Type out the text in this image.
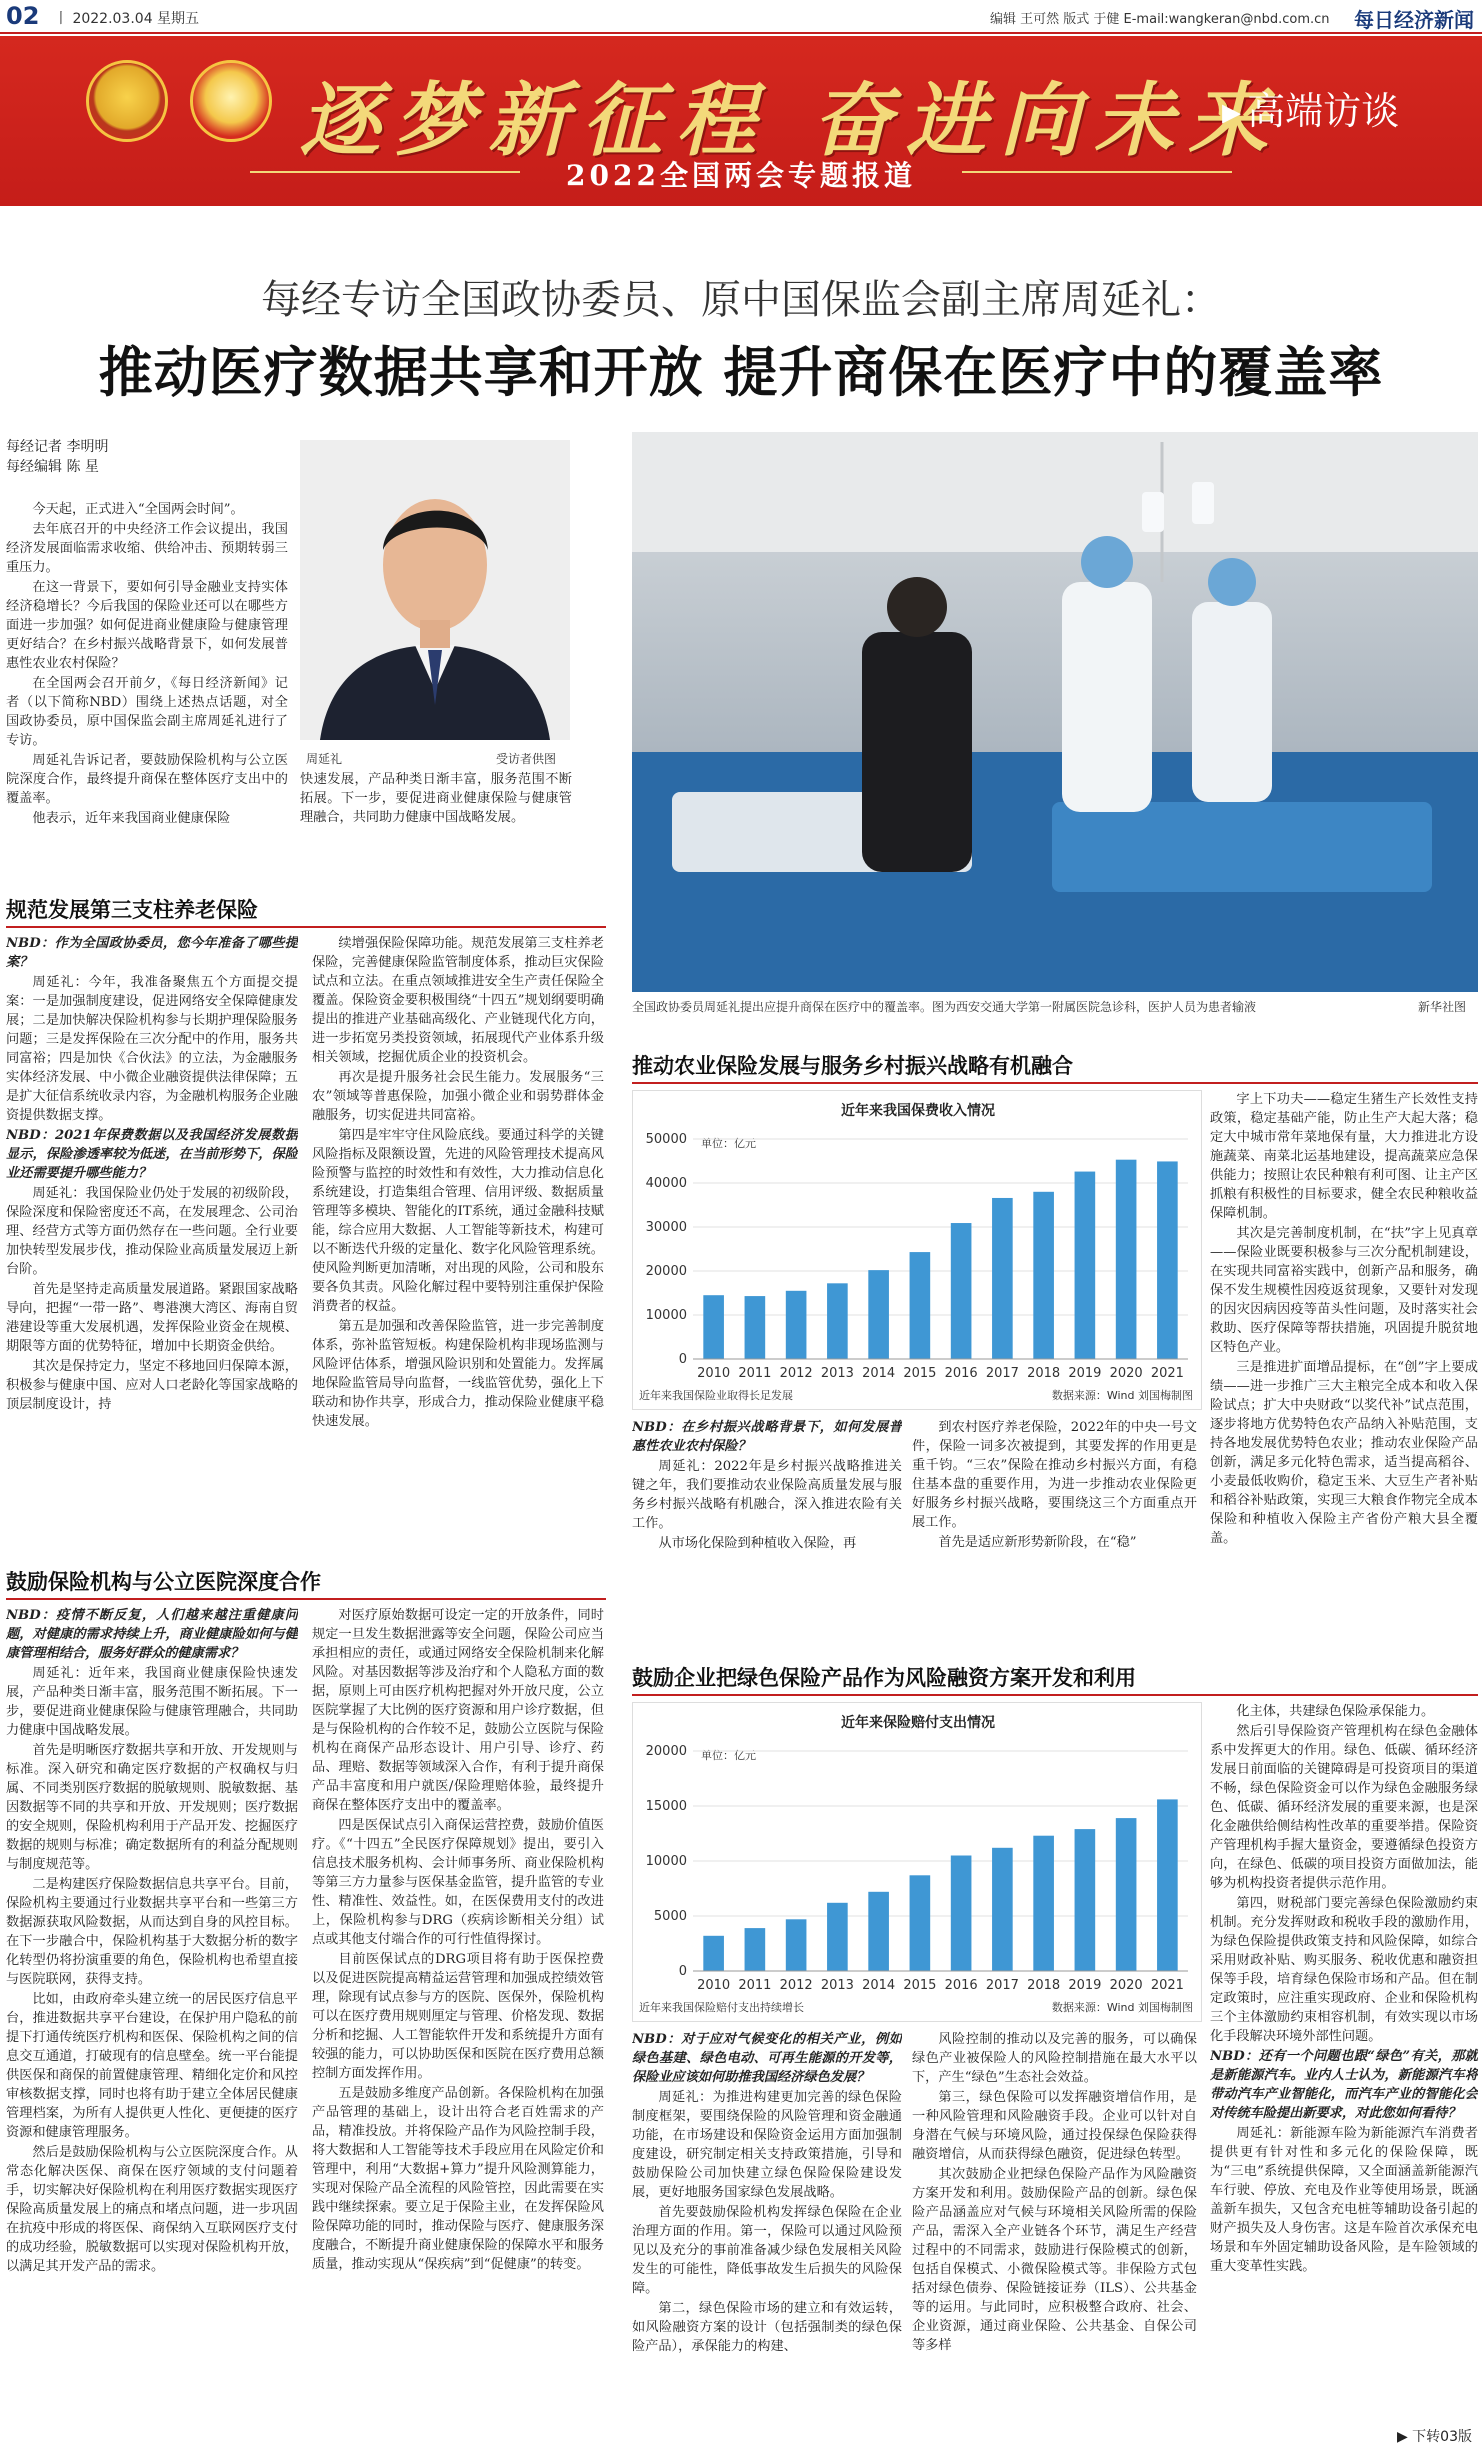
02 丨 2022.03.04 星期五	编辑 王可然 版式 于健 E-mail:wangkeran@nbd.com.cn 每日经济新闻
逐梦新征程 奋进向未来
▸ 高端访谈
2022全国两会专题报道
每经专访全国政协委员、原中国保监会副主席周延礼：
推动医疗数据共享和开放 提升商保在医疗中的覆盖率
每经记者 李明明
每经编辑 陈 星

今天起，正式进入“全国两会时间”。

去年底召开的中央经济工作会议提出，我国经济发展面临需求收缩、供给冲击、预期转弱三重压力。

在这一背景下，要如何引导金融业支持实体经济稳增长？今后我国的保险业还可以在哪些方面进一步加强？如何促进商业健康险与健康管理更好结合？在乡村振兴战略背景下，如何发展普惠性农业农村保险？

在全国两会召开前夕，《每日经济新闻》记者（以下简称NBD）围绕上述热点话题，对全国政协委员，原中国保监会副主席周延礼进行了专访。

周延礼告诉记者，要鼓励保险机构与公立医院深度合作，最终提升商保在整体医疗支出中的覆盖率。

他表示，近年来我国商业健康保险

周延礼	受访者供图

快速发展，产品种类日渐丰富，服务范围不断拓展。下一步，要促进商业健康保险与健康管理融合，共同助力健康中国战略发展。

全国政协委员周延礼提出应提升商保在医疗中的覆盖率。图为西安交通大学第一附属医院急诊科，医护人员为患者输液	新华社图
规范发展第三支柱养老保险

NBD：作为全国政协委员，您今年准备了哪些提案？

周延礼：今年，我准备聚焦五个方面提交提案：一是加强制度建设，促进网络安全保障健康发展；二是加快解决保险机构参与长期护理保险服务问题；三是发挥保险在三次分配中的作用，服务共同富裕；四是加快《合伙法》的立法，为金融服务实体经济发展、中小微企业融资提供法律保障；五是扩大征信系统收录内容，为金融机构服务企业融资提供数据支撑。

NBD：2021年保费数据以及我国经济发展数据显示，保险渗透率较为低迷，在当前形势下，保险业还需要提升哪些能力？

周延礼：我国保险业仍处于发展的初级阶段，保险深度和保险密度还不高，在发展理念、公司治理、经营方式等方面仍然存在一些问题。全行业要加快转型发展步伐，推动保险业高质量发展迈上新台阶。

首先是坚持走高质量发展道路。紧跟国家战略导向，把握“一带一路”、粤港澳大湾区、海南自贸港建设等重大发展机遇，发挥保险业资金在规模、期限等方面的优势特征，增加中长期资金供给。

其次是保持定力，坚定不移地回归保障本源，积极参与健康中国、应对人口老龄化等国家战略的顶层制度设计，持

续增强保险保障功能。规范发展第三支柱养老保险，完善健康保险监管制度体系，推动巨灾保险试点和立法。在重点领域推进安全生产责任保险全覆盖。保险资金要积极围绕“十四五”规划纲要明确提出的推进产业基础高级化、产业链现代化方向，进一步拓宽另类投资领域，拓展现代产业体系升级相关领域，挖掘优质企业的投资机会。

再次是提升服务社会民生能力。发展服务“三农”领域等普惠保险，加强小微企业和弱势群体金融服务，切实促进共同富裕。

第四是牢牢守住风险底线。要通过科学的关键风险指标及限额设置，先进的风险管理技术提高风险预警与监控的时效性和有效性，大力推动信息化系统建设，打造集组合管理、信用评级、数据质量管理等多模块、智能化的IT系统，通过金融科技赋能，综合应用大数据、人工智能等新技术，构建可以不断迭代升级的定量化、数字化风险管理系统。使风险判断更加清晰，对出现的风险，公司和股东要各负其责。风险化解过程中要特别注重保护保险消费者的权益。

第五是加强和改善保险监管，进一步完善制度体系，弥补监管短板。构建保险机构非现场监测与风险评估体系，增强风险识别和处置能力。发挥属地保险监管局导向监督，一线监管优势，强化上下联动和协作共享，形成合力，推动保险业健康平稳快速发展。

鼓励保险机构与公立医院深度合作

NBD：疫情不断反复，人们越来越注重健康问题，对健康的需求持续上升，商业健康险如何与健康管理相结合，服务好群众的健康需求？

周延礼：近年来，我国商业健康保险快速发展，产品种类日渐丰富，服务范围不断拓展。下一步，要促进商业健康保险与健康管理融合，共同助力健康中国战略发展。

首先是明晰医疗数据共享和开放、开发规则与标准。深入研究和确定医疗数据的产权确权与归属、不同类别医疗数据的脱敏规则、脱敏数据、基因数据等不同的共享和开放、开发规则；医疗数据的安全规则，保险机构利用于产品开发、挖掘医疗数据的规则与标准；确定数据所有的利益分配规则与制度规范等。

二是构建医疗保险数据信息共享平台。目前，保险机构主要通过行业数据共享平台和一些第三方数据源获取风险数据，从而达到自身的风控目标。在下一步融合中，保险机构基于大数据分析的数字化转型仍将扮演重要的角色，保险机构也希望直接与医院联网，获得支持。

比如，由政府牵头建立统一的居民医疗信息平台，推进数据共享平台建设，在保护用户隐私的前提下打通传统医疗机构和医保、保险机构之间的信息交互通道，打破现有的信息壁垒。统一平台能提供医保和商保的前置健康管理、精细化定价和风控审核数据支撑，同时也将有助于建立全体居民健康管理档案，为所有人提供更人性化、更便捷的医疗资源和健康管理服务。

然后是鼓励保险机构与公立医院深度合作。从常态化解决医保、商保在医疗领域的支付问题着手，切实解决好保险机构在利用医疗数据实现医疗保险高质量发展上的痛点和堵点问题，进一步巩固在抗疫中形成的将医保、商保纳入互联网医疗支付的成功经验，脱敏数据可以实现对保险机构开放，以满足其开发产品的需求。

对医疗原始数据可设定一定的开放条件，同时规定一旦发生数据泄露等安全问题，保险公司应当承担相应的责任，或通过网络安全保险机制来化解风险。对基因数据等涉及治疗和个人隐私方面的数据，原则上可由医疗机构把握对外开放尺度，公立医院掌握了大比例的医疗资源和用户诊疗数据，但是与保险机构的合作较不足，鼓励公立医院与保险机构在商保产品形态设计、用户引导、诊疗、药品、理赔、数据等领域深入合作，有利于提升商保产品丰富度和用户就医/保险理赔体验，最终提升商保在整体医疗支出中的覆盖率。

四是医保试点引入商保运营控费，鼓励价值医疗。《“十四五”全民医疗保障规划》提出，要引入信息技术服务机构、会计师事务所、商业保险机构等第三方力量参与医保基金监管，提升监管的专业性、精准性、效益性。如，在医保费用支付的改进上，保险机构参与DRG（疾病诊断相关分组）试点或其他支付端合作的可行性值得探讨。

目前医保试点的DRG项目将有助于医保控费以及促进医院提高精益运营管理和加强成控绩效管理，除现有试点参与方的医院、医保外，保险机构可以在医疗费用规则厘定与管理、价格发现、数据分析和挖掘、人工智能软件开发和系统提升方面有较强的能力，可以协助医保和医院在医疗费用总额控制方面发挥作用。

五是鼓励多维度产品创新。各保险机构在加强产品管理的基础上，设计出符合老百姓需求的产品，精准投放。并将保险产品作为风险控制手段，将大数据和人工智能等技术手段应用在风险定价和管理中，利用“大数据+算力”提升风险测算能力，实现对保险产品全流程的风险管控，因此需要在实践中继续探索。要立足于保险主业，在发挥保险风险保障功能的同时，推动保险与医疗、健康服务深度融合，不断提升商业健康保险的保障水平和服务质量，推动实现从“保疾病”到“促健康”的转变。

推动农业保险发展与服务乡村振兴战略有机融合
近年来我国保费收入情况
单位：亿元
0
10000
20000
30000
40000
50000
2010 2011 2012 2013 2014 2015 2016 2017 2018 2019 2020 2021
近年来我国保险业取得长足发展	数据来源：Wind 刘国梅制图

NBD：在乡村振兴战略背景下，如何发展普惠性农业农村保险？

周延礼：2022年是乡村振兴战略推进关键之年，我们要推动农业保险高质量发展与服务乡村振兴战略有机融合，深入推进农险有关工作。

从市场化保险到种植收入保险，再

到农村医疗养老保险，2022年的中央一号文件，保险一词多次被提到，其要发挥的作用更是重千钧。“三农”保险在推动乡村振兴方面，有稳住基本盘的重要作用，为进一步推动农业保险更好服务乡村振兴战略，要围绕这三个方面重点开展工作。

首先是适应新形势新阶段，在“稳”

字上下功夫——稳定生猪生产长效性支持政策，稳定基础产能，防止生产大起大落；稳定大中城市常年菜地保有量，大力推进北方设施蔬菜、南菜北运基地建设，提高蔬菜应急保供能力；按照让农民种粮有利可图、让主产区抓粮有积极性的目标要求，健全农民种粮收益保障机制。

其次是完善制度机制，在“扶”字上见真章——保险业既要积极参与三次分配机制建设，在实现共同富裕实践中，创新产品和服务，确保不发生规模性因疫返贫现象，又要针对发现的因灾因病因疫等苗头性问题，及时落实社会救助、医疗保障等帮扶措施，巩固提升脱贫地区特色产业。

三是推进扩面增品提标，在“创”字上要成绩——进一步推广三大主粮完全成本和收入保险试点；扩大中央财政“以奖代补”试点范围，逐步将地方优势特色农产品纳入补贴范围，支持各地发展优势特色农业；推动农业保险产品创新，满足多元化特色需求，适当提高稻谷、小麦最低收购价，稳定玉米、大豆生产者补贴和稻谷补贴政策，实现三大粮食作物完全成本保险和种植收入保险主产省份产粮大县全覆盖。

鼓励企业把绿色保险产品作为风险融资方案开发和利用
近年来保险赔付支出情况
单位：亿元
0
5000
10000
15000
20000
2010 2011 2012 2013 2014 2015 2016 2017 2018 2019 2020 2021
近年来我国保险赔付支出持续增长	数据来源：Wind 刘国梅制图

NBD：对于应对气候变化的相关产业，例如绿色基建、绿色电动、可再生能源的开发等，保险业应该如何助推我国经济绿色发展？

周延礼：为推进构建更加完善的绿色保险制度框架，要围绕保险的风险管理和资金融通功能，在市场建设和保险资金运用方面加强制度建设，研究制定相关支持政策措施，引导和鼓励保险公司加快建立绿色保险保险建设发展，更好地服务国家绿色发展战略。

首先要鼓励保险机构发挥绿色保险在企业治理方面的作用。第一，保险可以通过风险预见以及充分的事前准备减少绿色发展相关风险发生的可能性，降低事故发生后损失的风险保障。

第二，绿色保险市场的建立和有效运转，如风险融资方案的设计（包括强制类的绿色保险产品），承保能力的构建、

风险控制的推动以及完善的服务，可以确保绿色产业被保险人的风险控制措施在最大水平以下，产生“绿色”生态社会效益。

第三，绿色保险可以发挥融资增信作用，是一种风险管理和风险融资手段。企业可以针对自身潜在气候与环境风险，通过投保绿色保险获得融资增信，从而获得绿色融资，促进绿色转型。

其次鼓励企业把绿色保险产品作为风险融资方案开发和利用。鼓励保险产品的创新。绿色保险产品涵盖应对气候与环境相关风险所需的保险产品，需深入全产业链各个环节，满足生产经营过程中的不同需求，鼓励进行保险模式的创新，包括自保模式、小微保险模式等。非保险方式包括对绿色债券、保险链接证券（ILS）、公共基金等的运用。与此同时，应积极整合政府、社会、企业资源，通过商业保险、公共基金、自保公司等多样

化主体，共建绿色保险承保能力。

然后引导保险资产管理机构在绿色金融体系中发挥更大的作用。绿色、低碳、循环经济发展日前面临的关键障碍是可投资项目的渠道不畅，绿色保险资金可以作为绿色金融服务绿色、低碳、循环经济发展的重要来源，也是深化金融供给侧结构性改革的重要举措。保险资产管理机构手握大量资金，要遵循绿色投资方向，在绿色、低碳的项目投资方面做加法，能够为机构投资者提供示范作用。

第四，财税部门要完善绿色保险激励约束机制。充分发挥财政和税收手段的激励作用，为绿色保险提供政策支持和风险保障，如综合采用财政补贴、购买服务、税收优惠和融资担保等手段，培育绿色保险市场和产品。但在制定政策时，应注重实现政府、企业和保险机构三个主体激励约束相容机制，有效实现以市场化手段解决环境外部性问题。

NBD：还有一个问题也跟“绿色”有关，那就是新能源汽车。业内人士认为，新能源汽车将带动汽车产业智能化，而汽车产业的智能化会对传统车险提出新要求，对此您如何看待？

周延礼：新能源车险为新能源汽车消费者提供更有针对性和多元化的保险保障，既为“三电”系统提供保障，又全面涵盖新能源汽车行驶、停放、充电及作业等使用场景，既涵盖新车损失，又包含充电桩等辅助设备引起的财产损失及人身伤害。这是车险首次承保充电场景和车外固定辅助设备风险，是车险领域的重大变革性实践。

▶ 下转03版
